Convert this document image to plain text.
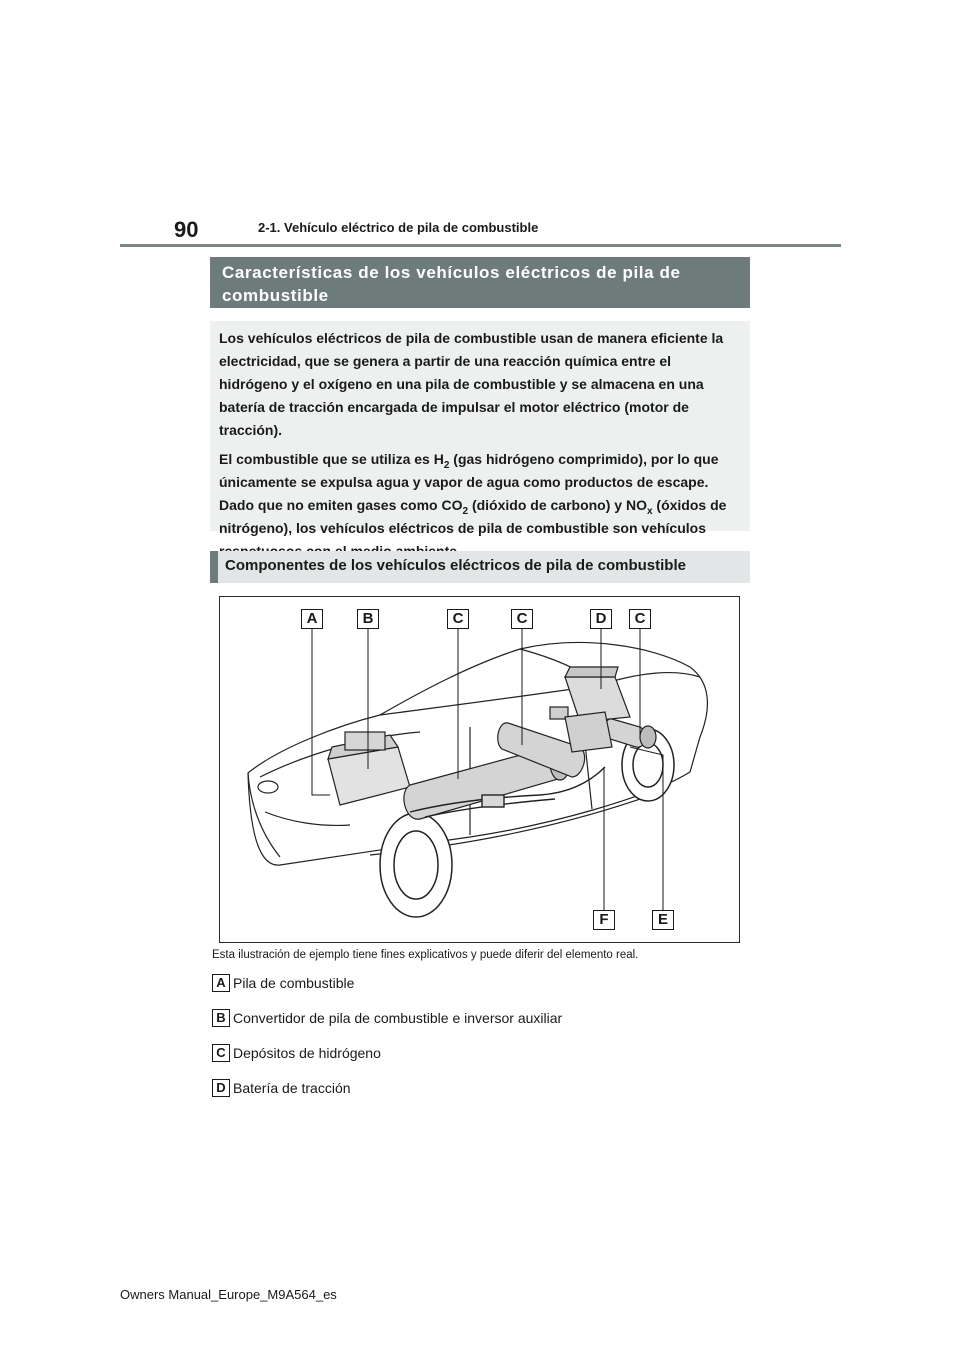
90	2-1. Vehículo eléctrico de pila de combustible
Características de los vehículos eléctricos de pila de combustible

Los vehículos eléctricos de pila de combustible usan de manera eficiente la electricidad, que se genera a partir de una reacción química entre el hidrógeno y el oxígeno en una pila de combustible y se almacena en una batería de tracción encargada de impulsar el motor eléctrico (motor de tracción).

El combustible que se utiliza es $H_2$ (gas hidrógeno comprimido), por lo que únicamente se expulsa agua y vapor de agua como productos de escape. Dado que no emiten gases como $CO_2$ (dióxido de carbono) y $NO_x$ (óxidos de nitrógeno), los vehículos eléctricos de pila de combustible son vehículos

Componentes de los vehículos eléctricos de pila de combustible
A	B	C	C	D	C
F	E
Esta ilustración de ejemplo tiene fines explicativos y puede diferir del elemento real.
A Pila de combustible
B Convertidor de pila de combustible e inversor auxiliar
C Depósitos de hidrógeno
D Batería de tracción
Owners Manual_Europe_M9A564_es
